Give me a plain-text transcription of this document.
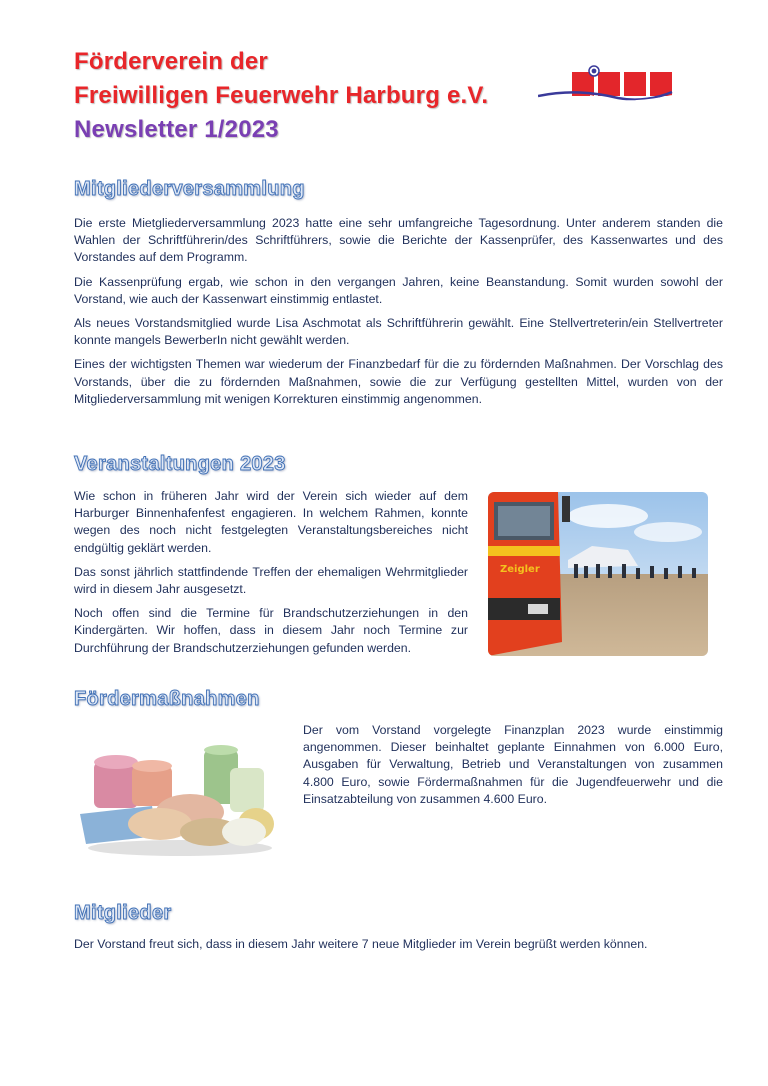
Förderverein der
Freiwilligen Feuerwehr Harburg e.V.
Newsletter 1/2023
Mitgliederversammlung

Die erste Mietgliederversammlung 2023 hatte eine sehr umfangreiche Tagesordnung. Unter anderem standen die Wahlen der Schriftführerin/des Schriftführers, sowie die Berichte der Kassenprüfer, des Kassenwartes und des Vorstandes auf dem Programm.

Die Kassenprüfung ergab, wie schon in den vergangen Jahren, keine Beanstandung. Somit wurden sowohl der Vorstand, wie auch der Kassenwart einstimmig entlastet.

Als neues Vorstandsmitglied wurde Lisa Aschmotat als Schriftführerin gewählt. Eine Stellvertreterin/ein Stellvertreter konnte mangels BewerberIn nicht gewählt werden.

Eines der wichtigsten Themen war wiederum der Finanzbedarf für die zu fördernden Maßnahmen. Der Vorschlag des Vorstands, über die zu fördernden Maßnahmen, sowie die zur Verfügung gestellten Mittel, wurden von der Mitgliederversammlung mit wenigen Korrekturen einstimmig angenommen.

Veranstaltungen 2023

Wie schon in früheren Jahr wird der Verein sich wieder auf dem Harburger Binnenhafenfest engagieren. In welchem Rahmen, konnte wegen des noch nicht festgelegten Veranstaltungsbereiches nicht endgültig geklärt werden.

Das sonst jährlich stattfindende Treffen der ehemaligen Wehrmitglieder wird in diesem Jahr ausgesetzt.

Noch offen sind die Termine für Brandschutzerziehungen in den Kindergärten. Wir hoffen, dass in diesem Jahr noch Termine zur Durchführung der Brandschutzerziehungen gefunden werden.

Zeigler
Fördermaßnahmen

Der vom Vorstand vorgelegte Finanzplan 2023 wurde einstimmig angenommen. Dieser beinhaltet geplante Einnahmen von 6.000 Euro, Ausgaben für Verwaltung, Betrieb und Veranstaltungen von zusammen 4.800 Euro, sowie Fördermaßnahmen für die Jugendfeuerwehr und die Einsatzabteilung von zusammen 4.600 Euro.

Mitglieder

Der Vorstand freut sich, dass in diesem Jahr weitere 7 neue Mitglieder im Verein begrüßt werden können.
